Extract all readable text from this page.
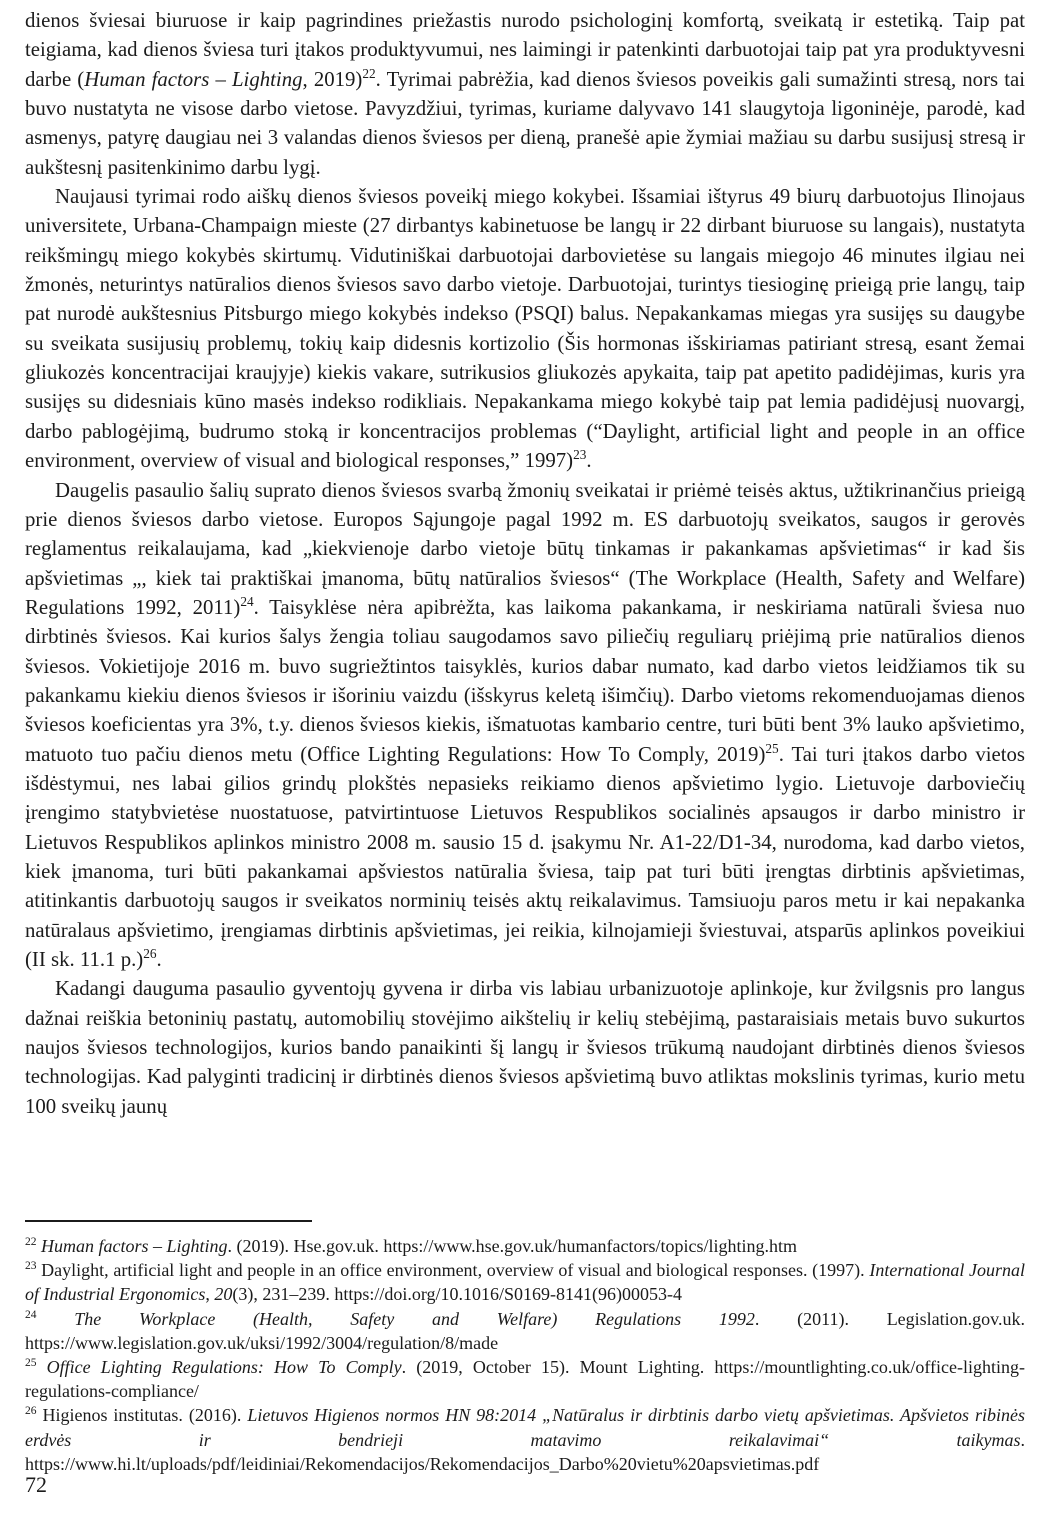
dienos šviesai biuruose ir kaip pagrindines priežastis nurodo psichologinį komfortą, sveikatą ir estetiką. Taip pat teigiama, kad dienos šviesa turi įtakos produktyvumui, nes laimingi ir patenkinti darbuotojai taip pat yra produktyvesni darbe (Human factors – Lighting, 2019)$^{22}$. Tyrimai pabrėžia, kad dienos šviesos poveikis gali sumažinti stresą, nors tai buvo nustatyta ne visose darbo vietose. Pavyzdžiui, tyrimas, kuriame dalyvavo 141 slaugytoja ligoninėje, parodė, kad asmenys, patyrę daugiau nei 3 valandas dienos šviesos per dieną, pranešė apie žymiai mažiau su darbu susijusį stresą ir aukštesnį pasitenkinimo darbu lygį.

Naujausi tyrimai rodo aiškų dienos šviesos poveikį miego kokybei. Išsamiai ištyrus 49 biurų darbuotojus Ilinojaus universitete, Urbana-Champaign mieste (27 dirbantys kabinetuose be langų ir 22 dirbant biuruose su langais), nustatyta reikšmingų miego kokybės skirtumų. Vidutiniškai darbuotojai darbovietėse su langais miegojo 46 minutes ilgiau nei žmonės, neturintys natūralios dienos šviesos savo darbo vietoje. Darbuotojai, turintys tiesioginę prieigą prie langų, taip pat nurodė aukštesnius Pitsburgo miego kokybės indekso (PSQI) balus. Nepakankamas miegas yra susijęs su daugybe su sveikata susijusių problemų, tokių kaip didesnis kortizolio (Šis hormonas išskiriamas patiriant stresą, esant žemai gliukozės koncentracijai kraujyje) kiekis vakare, sutrikusios gliukozės apykaita, taip pat apetito padidėjimas, kuris yra susijęs su didesniais kūno masės indekso rodikliais. Nepakankama miego kokybė taip pat lemia padidėjusį nuovargį, darbo pablogėjimą, budrumo stoką ir koncentracijos problemas (“Daylight, artificial light and people in an office environment, overview of visual and biological responses,” 1997)$^{23}$.

Daugelis pasaulio šalių suprato dienos šviesos svarbą žmonių sveikatai ir priėmė teisės aktus, užtikrinančius prieigą prie dienos šviesos darbo vietose. Europos Sąjungoje pagal 1992 m. ES darbuotojų sveikatos, saugos ir gerovės reglamentus reikalaujama, kad „kiekvienoje darbo vietoje būtų tinkamas ir pakankamas apšvietimas“ ir kad šis apšvietimas „, kiek tai praktiškai įmanoma, būtų natūralios šviesos“ (The Workplace (Health, Safety and Welfare) Regulations 1992, 2011)$^{24}$. Taisyklėse nėra apibrėžta, kas laikoma pakankama, ir neskiriama natūrali šviesa nuo dirbtinės šviesos. Kai kurios šalys žengia toliau saugodamos savo piliečių reguliarų priėjimą prie natūralios dienos šviesos. Vokietijoje 2016 m. buvo sugriežtintos taisyklės, kurios dabar numato, kad darbo vietos leidžiamos tik su pakankamu kiekiu dienos šviesos ir išoriniu vaizdu (išskyrus keletą išimčių). Darbo vietoms rekomenduojamas dienos šviesos koeficientas yra 3%, t.y. dienos šviesos kiekis, išmatuotas kambario centre, turi būti bent 3% lauko apšvietimo, matuoto tuo pačiu dienos metu (Office Lighting Regulations: How To Comply, 2019)$^{25}$. Tai turi įtakos darbo vietos išdėstymui, nes labai gilios grindų plokštės nepasieks reikiamo dienos apšvietimo lygio. Lietuvoje darboviečių įrengimo statybvietėse nuostatuose, patvirtintuose Lietuvos Respublikos socialinės apsaugos ir darbo ministro ir Lietuvos Respublikos aplinkos ministro 2008 m. sausio 15 d. įsakymu Nr. A1-22/D1-34, nurodoma, kad darbo vietos, kiek įmanoma, turi būti pakankamai apšviestos natūralia šviesa, taip pat turi būti įrengtas dirbtinis apšvietimas, atitinkantis darbuotojų saugos ir sveikatos norminių teisės aktų reikalavimus. Tamsiuoju paros metu ir kai nepakanka natūralaus apšvietimo, įrengiamas dirbtinis apšvietimas, jei reikia, kilnojamieji šviestuvai, atsparūs aplinkos poveikiui (II sk. 11.1 p.)$^{26}$.

Kadangi dauguma pasaulio gyventojų gyvena ir dirba vis labiau urbanizuotoje aplinkoje, kur žvilgsnis pro langus dažnai reiškia betoninių pastatų, automobilių stovėjimo aikštelių ir kelių stebėjimą, pastaraisiais metais buvo sukurtos naujos šviesos technologijos, kurios bando panaikinti šį langų ir šviesos trūkumą naudojant dirbtinės dienos šviesos technologijas. Kad palyginti tradicinį ir dirbtinės dienos šviesos apšvietimą buvo atliktas mokslinis tyrimas, kurio metu 100 sveikų jaunų

$^{22}$ Human factors – Lighting. (2019). Hse.gov.uk. https://www.hse.gov.uk/humanfactors/topics/lighting.htm

$^{23}$ Daylight, artificial light and people in an office environment, overview of visual and biological responses. (1997). International Journal of Industrial Ergonomics, 20(3), 231–239. https://doi.org/10.1016/S0169-8141(96)00053-4

$^{24}$ The Workplace (Health, Safety and Welfare) Regulations 1992. (2011). Legislation.gov.uk. https://www.legislation.gov.uk/uksi/1992/3004/regulation/8/made

$^{25}$ Office Lighting Regulations: How To Comply. (2019, October 15). Mount Lighting. https://mountlighting.co.uk/office-lighting-regulations-compliance/

$^{26}$ Higienos institutas. (2016). Lietuvos Higienos normos HN 98:2014 „Natūralus ir dirbtinis darbo vietų apšvietimas. Apšvietos ribinės erdvės ir bendrieji matavimo reikalavimai“ taikymas. https://www.hi.lt/uploads/pdf/leidiniai/Rekomendacijos/Rekomendacijos_Darbo%20vietu%20apsvietimas.pdf

72
